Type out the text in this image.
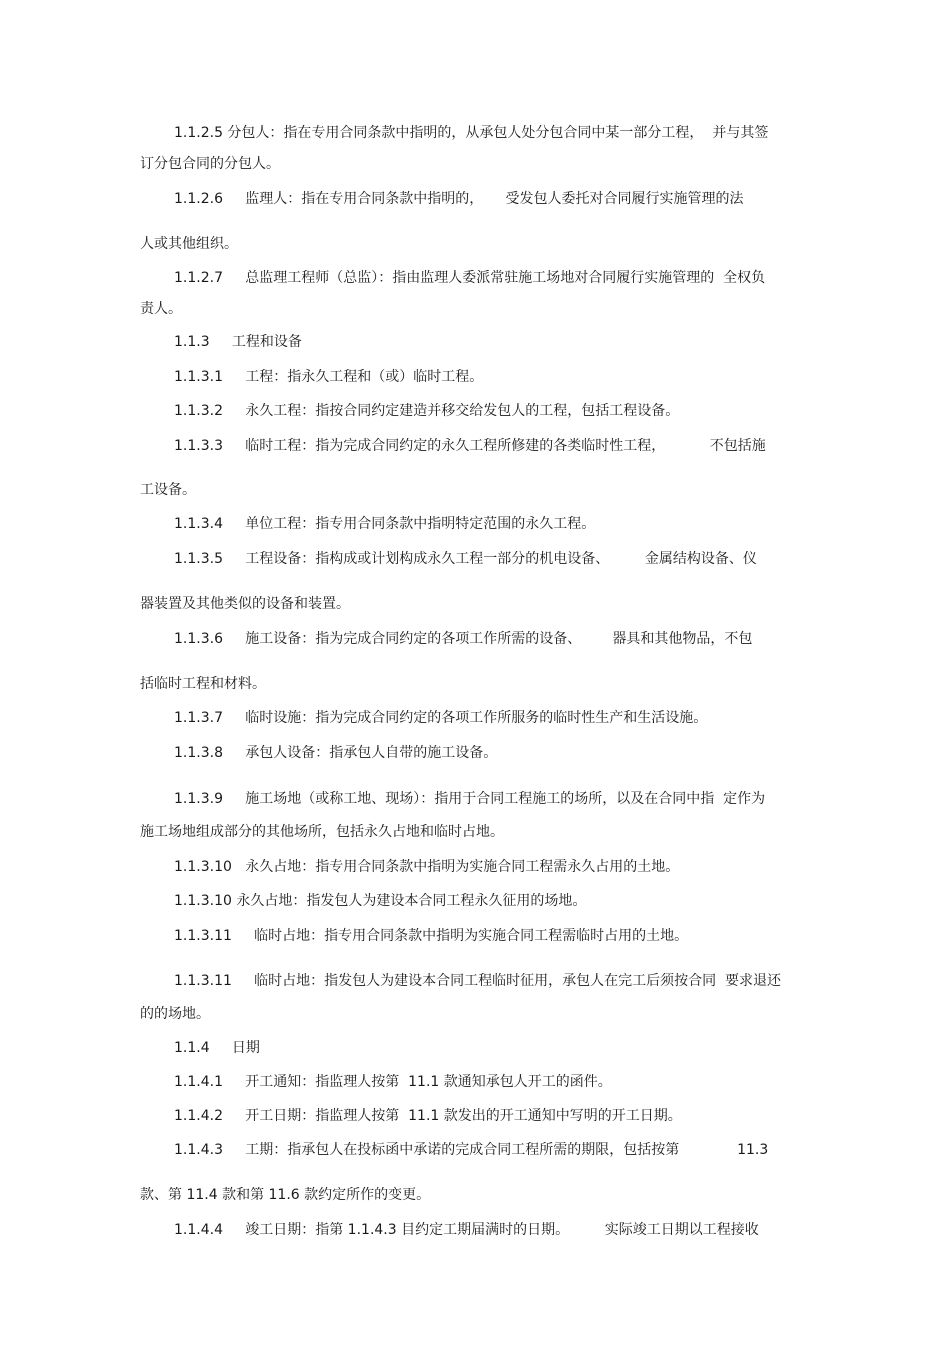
1.1.2.5 分包人：指在专用合同条款中指明的，从承包人处分包合同中某一部分工程，  并与其签
订分包合同的分包人。
1.1.2.6     监理人：指在专用合同条款中指明的，     受发包人委托对合同履行实施管理的法
人或其他组织。
1.1.2.7     总监理工程师（总监）：指由监理人委派常驻施工场地对合同履行实施管理的  全权负
责人。
1.1.3     工程和设备
1.1.3.1     工程：指永久工程和（或）临时工程。
1.1.3.2     永久工程：指按合同约定建造并移交给发包人的工程，包括工程设备。
1.1.3.3     临时工程：指为完成合同约定的永久工程所修建的各类临时性工程，          不包括施
工设备。
1.1.3.4     单位工程：指专用合同条款中指明特定范围的永久工程。
1.1.3.5     工程设备：指构成或计划构成永久工程一部分的机电设备、        金属结构设备、仪
器装置及其他类似的设备和装置。
1.1.3.6     施工设备：指为完成合同约定的各项工作所需的设备、       器具和其他物品，不包
括临时工程和材料。
1.1.3.7     临时设施：指为完成合同约定的各项工作所服务的临时性生产和生活设施。
1.1.3.8     承包人设备：指承包人自带的施工设备。
1.1.3.9     施工场地（或称工地、现场）：指用于合同工程施工的场所，以及在合同中指  定作为
施工场地组成部分的其他场所，包括永久占地和临时占地。
1.1.3.10   永久占地：指专用合同条款中指明为实施合同工程需永久占用的土地。
1.1.3.10 永久占地：指发包人为建设本合同工程永久征用的场地。
1.1.3.11     临时占地：指专用合同条款中指明为实施合同工程需临时占用的土地。
1.1.3.11     临时占地：指发包人为建设本合同工程临时征用，承包人在完工后须按合同  要求退还
的的场地。
1.1.4     日期
1.1.4.1     开工通知：指监理人按第  11.1 款通知承包人开工的函件。
1.1.4.2     开工日期：指监理人按第  11.1 款发出的开工通知中写明的开工日期。
1.1.4.3     工期：指承包人在投标函中承诺的完成合同工程所需的期限，包括按第             11.3
款、第 11.4 款和第 11.6 款约定所作的变更。
1.1.4.4     竣工日期：指第 1.1.4.3 目约定工期届满时的日期。        实际竣工日期以工程接收
